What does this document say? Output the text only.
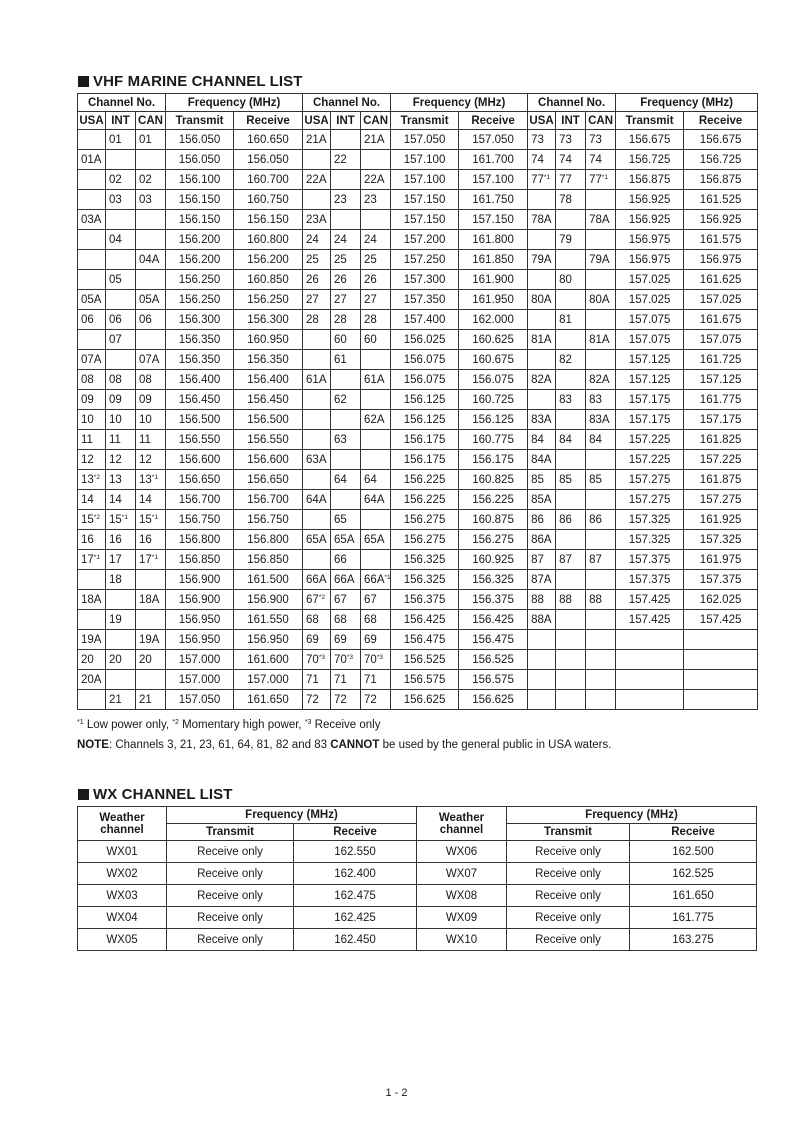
VHF MARINE CHANNEL LIST
Channel No.			Frequency (MHz)		Channel No.			Frequency (MHz)		Channel No.			Frequency (MHz)	
USA	INT	CAN	Transmit	Receive	USA	INT	CAN	Transmit	Receive	USA	INT	CAN	Transmit	Receive
	01	01	156.050	160.650	21A		21A	157.050	157.050	73	73	73	156.675	156.675
01A			156.050	156.050		22		157.100	161.700	74	74	74	156.725	156.725
	02	02	156.100	160.700	22A		22A	157.100	157.100	77$^{*1}$	77	77$^{*1}$	156.875	156.875
	03	03	156.150	160.750		23	23	157.150	161.750		78		156.925	161.525
03A			156.150	156.150	23A			157.150	157.150	78A		78A	156.925	156.925
	04		156.200	160.800	24	24	24	157.200	161.800		79		156.975	161.575
		04A	156.200	156.200	25	25	25	157.250	161.850	79A		79A	156.975	156.975
	05		156.250	160.850	26	26	26	157.300	161.900		80		157.025	161.625
05A		05A	156.250	156.250	27	27	27	157.350	161.950	80A		80A	157.025	157.025
06	06	06	156.300	156.300	28	28	28	157.400	162.000		81		157.075	161.675
	07		156.350	160.950		60	60	156.025	160.625	81A		81A	157.075	157.075
07A		07A	156.350	156.350		61		156.075	160.675		82		157.125	161.725
08	08	08	156.400	156.400	61A		61A	156.075	156.075	82A		82A	157.125	157.125
09	09	09	156.450	156.450		62		156.125	160.725		83	83	157.175	161.775
10	10	10	156.500	156.500			62A	156.125	156.125	83A		83A	157.175	157.175
11	11	11	156.550	156.550		63		156.175	160.775	84	84	84	157.225	161.825
12	12	12	156.600	156.600	63A			156.175	156.175	84A			157.225	157.225
13$^{*2}$	13	13$^{*1}$	156.650	156.650		64	64	156.225	160.825	85	85	85	157.275	161.875
14	14	14	156.700	156.700	64A		64A	156.225	156.225	85A			157.275	157.275
15$^{*2}$	15$^{*1}$	15$^{*1}$	156.750	156.750		65		156.275	160.875	86	86	86	157.325	161.925
16	16	16	156.800	156.800	65A	65A	65A	156.275	156.275	86A			157.325	157.325
17$^{*1}$	17	17$^{*1}$	156.850	156.850		66		156.325	160.925	87	87	87	157.375	161.975
	18		156.900	161.500	66A	66A	$66A^{*1}$	156.325	156.325	87A			157.375	157.375
18A		18A	156.900	156.900	67$^{*2}$	67	67	156.375	156.375	88	88	88	157.425	162.025
	19		156.950	161.550	68	68	68	156.425	156.425	88A			157.425	157.425
19A		19A	156.950	156.950	69	69	69	156.475	156.475					
20	20	20	157.000	161.600	70$^{*3}$	70$^{*3}$	70$^{*3}$	156.525	156.525					
20A			157.000	157.000	71	71	71	156.575	156.575					
	21	21	157.050	161.650	72	72	72	156.625	156.625					
$^{*1}$ Low power only, $^{*2}$ Momentary high power, $^{*3}$ Receive only
NOTE: Channels 3, 21, 23, 61, 64, 81, 82 and 83 CANNOT be used by the general public in USA waters.
WX CHANNEL LIST
Weather
channel	Frequency (MHz)		Weather
channel	Frequency (MHz)	
	Transmit	Receive		Transmit	Receive
WX01	Receive only	162.550	WX06	Receive only	162.500
WX02	Receive only	162.400	WX07	Receive only	162.525
WX03	Receive only	162.475	WX08	Receive only	161.650
WX04	Receive only	162.425	WX09	Receive only	161.775
WX05	Receive only	162.450	WX10	Receive only	163.275
1 - 2
